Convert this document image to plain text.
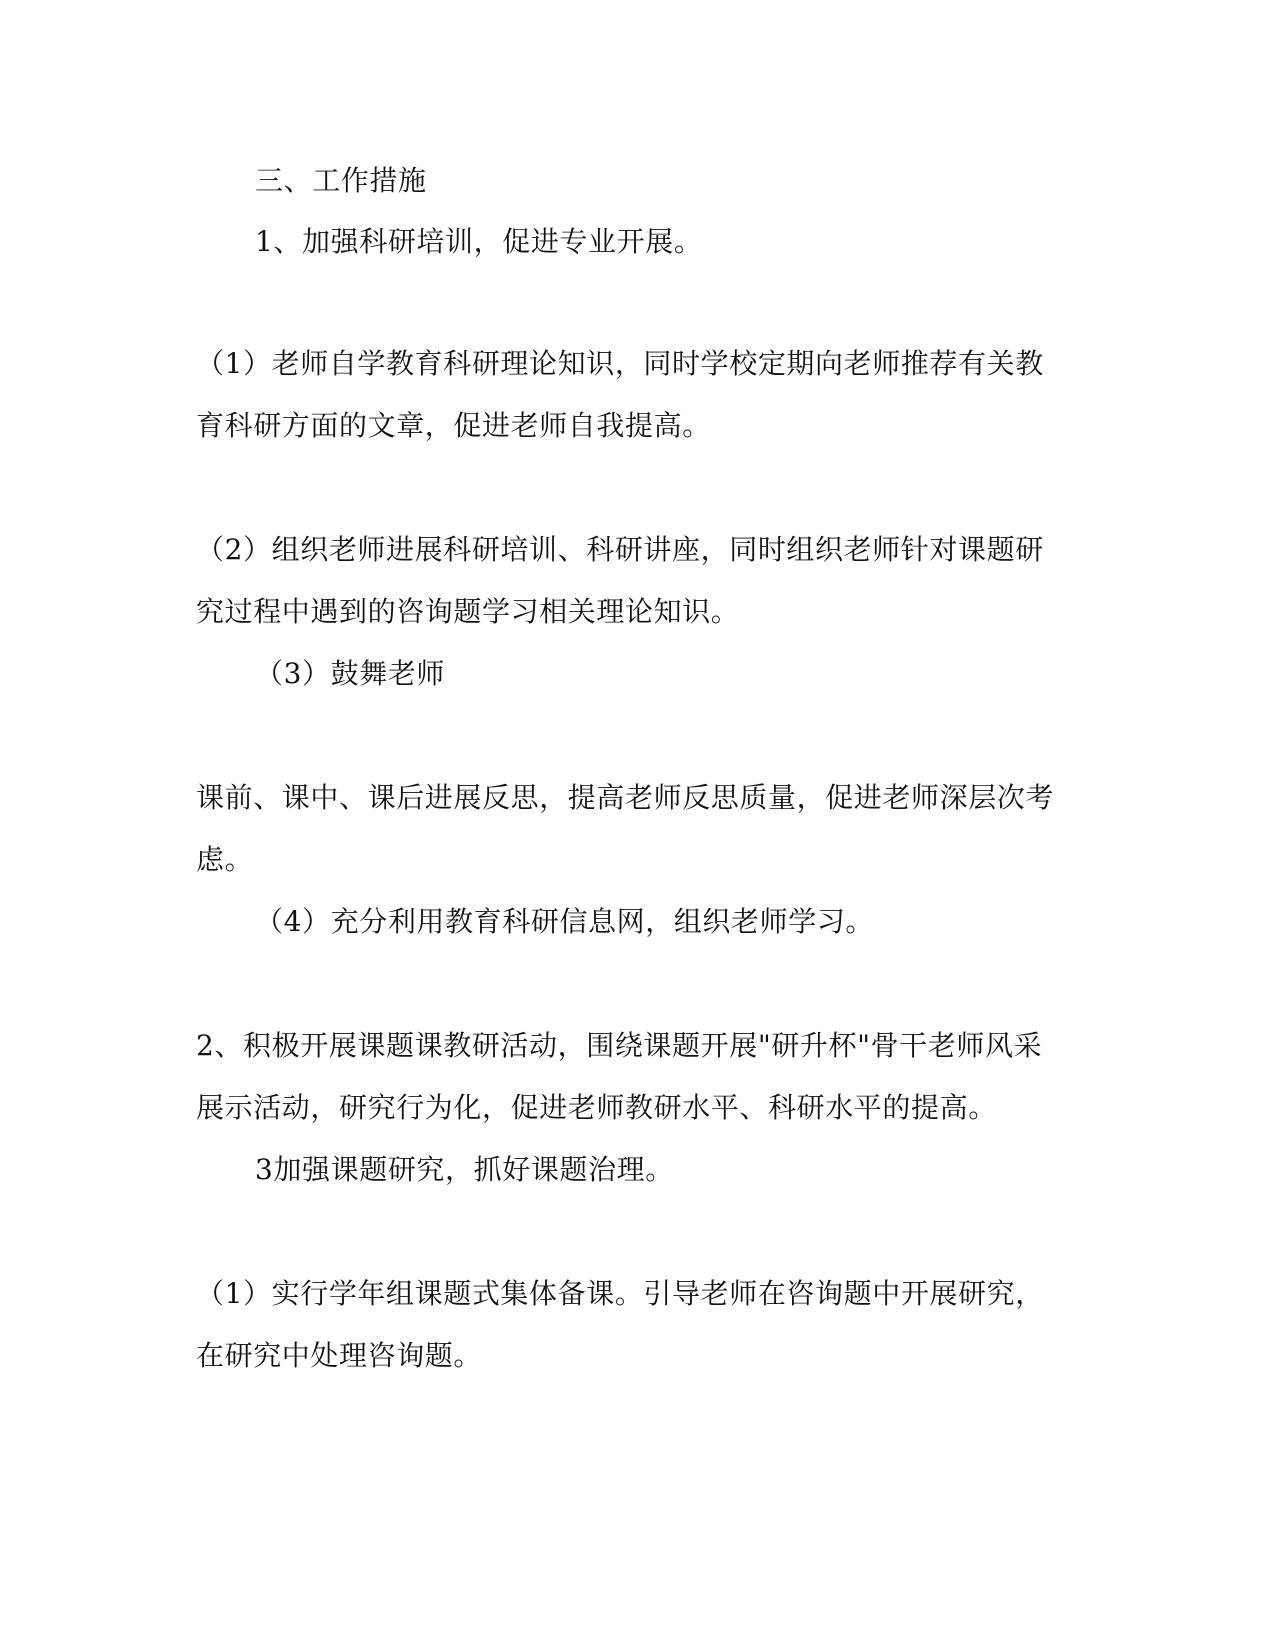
三、工作措施
1、加强科研培训，促进专业开展。
（1）老师自学教育科研理论知识，同时学校定期向老师推荐有关教
育科研方面的文章，促进老师自我提高。
（2）组织老师进展科研培训、科研讲座，同时组织老师针对课题研
究过程中遇到的咨询题学习相关理论知识。
（3）鼓舞老师
课前、课中、课后进展反思，提高老师反思质量，促进老师深层次考
虑。
（4）充分利用教育科研信息网，组织老师学习。
2、积极开展课题课教研活动，围绕课题开展"研升杯"骨干老师风采
展示活动，研究行为化，促进老师教研水平、科研水平的提高。
3加强课题研究，抓好课题治理。
（1）实行学年组课题式集体备课。引导老师在咨询题中开展研究，
在研究中处理咨询题。
